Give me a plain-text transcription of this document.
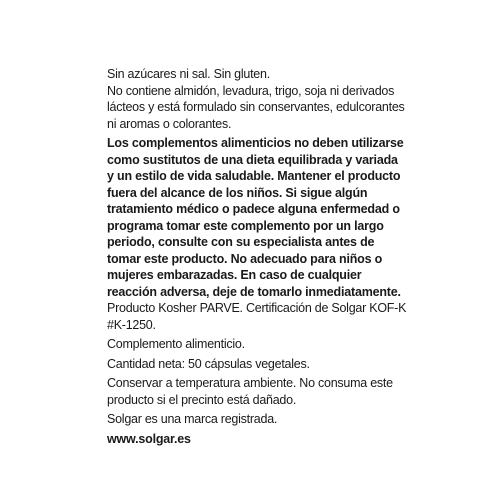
Sin azúcares ni sal. Sin gluten.

No contiene almidón, levadura, trigo, soja ni derivados lácteos y está formulado sin conservantes, edulcorantes ni aromas o colorantes.

Los complementos alimenticios no deben utilizarse como sustitutos de una dieta equilibrada y variada y un estilo de vida saludable. Mantener el producto fuera del alcance de los niños. Si sigue algún tratamiento médico o padece alguna enfermedad o programa tomar este complemento por un largo periodo, consulte con su especialista antes de tomar este producto. No adecuado para niños o mujeres embarazadas. En caso de cualquier reacción adversa, deje de tomarlo inmediatamente.

Producto Kosher PARVE. Certificación de Solgar KOF-K #K-1250.

Complemento alimenticio.

Cantidad neta: 50 cápsulas vegetales.

Conservar a temperatura ambiente. No consuma este producto si el precinto está dañado.

Solgar es una marca registrada.

www.solgar.es
